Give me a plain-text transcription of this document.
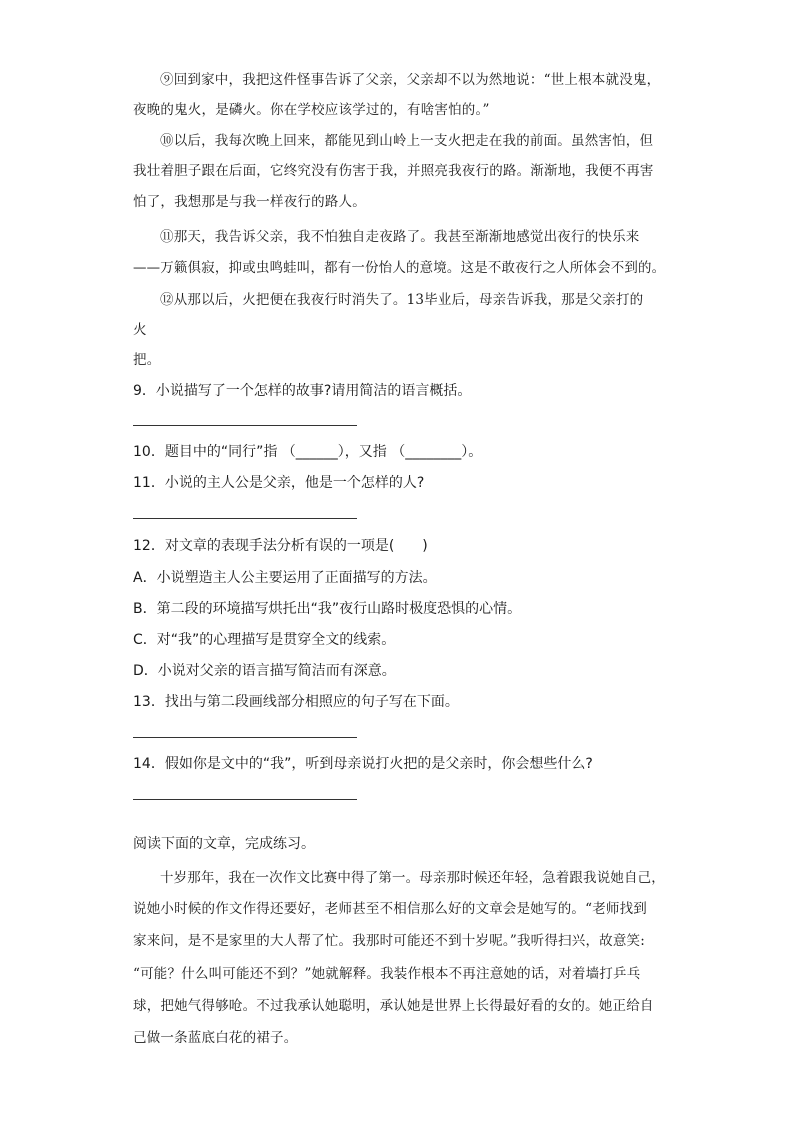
⑨回到家中，我把这件怪事告诉了父亲，父亲却不以为然地说：“世上根本就没鬼，
夜晚的鬼火，是磷火。你在学校应该学过的，有啥害怕的。”
⑩以后，我每次晚上回来，都能见到山岭上一支火把走在我的前面。虽然害怕，但
我壮着胆子跟在后面，它终究没有伤害于我，并照亮我夜行的路。渐渐地，我便不再害
怕了，我想那是与我一样夜行的路人。
⑪那天，我告诉父亲，我不怕独自走夜路了。我甚至渐渐地感觉出夜行的快乐来
——万籁俱寂，抑或虫鸣蛙叫，都有一份怡人的意境。这是不敢夜行之人所体会不到的。
⑫从那以后，火把便在我夜行时消失了。13毕业后，母亲告诉我，那是父亲打的
火
把。
9．小说描写了一个怎样的故事?请用简洁的语言概括。
10．题目中的“同行”指 （______），又指 （________）。
11．小说的主人公是父亲，他是一个怎样的人?
12．对文章的表现手法分析有误的一项是(　　)
A．小说塑造主人公主要运用了正面描写的方法。
B．第二段的环境描写烘托出“我”夜行山路时极度恐惧的心情。
C．对“我”的心理描写是贯穿全文的线索。
D．小说对父亲的语言描写简洁而有深意。
13．找出与第二段画线部分相照应的句子写在下面。
14．假如你是文中的“我”，听到母亲说打火把的是父亲时，你会想些什么?
阅读下面的文章，完成练习。
十岁那年，我在一次作文比赛中得了第一。母亲那时候还年轻，急着跟我说她自己，
说她小时候的作文作得还要好，老师甚至不相信那么好的文章会是她写的。“老师找到
家来问，是不是家里的大人帮了忙。我那时可能还不到十岁呢。”我听得扫兴，故意笑:
“可能？什么叫可能还不到？”她就解释。我装作根本不再注意她的话，对着墙打乒乓
球，把她气得够呛。不过我承认她聪明，承认她是世界上长得最好看的女的。她正给自
己做一条蓝底白花的裙子。
